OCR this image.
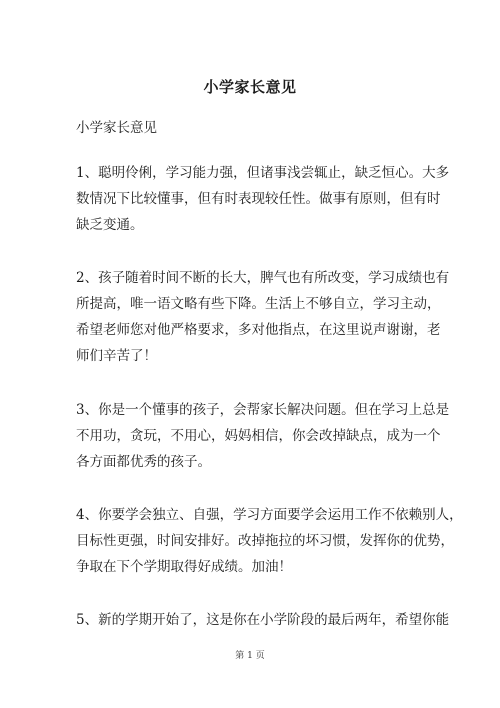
小学家长意见
小学家长意见
1、聪明伶俐，学习能力强，但诸事浅尝辄止，缺乏恒心。大多
数情况下比较懂事，但有时表现较任性。做事有原则，但有时
缺乏变通。
2、孩子随着时间不断的长大，脾气也有所改变，学习成绩也有
所提高，唯一语文略有些下降。生活上不够自立，学习主动，
希望老师您对他严格要求，多对他指点，在这里说声谢谢，老
师们辛苦了！
3、你是一个懂事的孩子，会帮家长解决问题。但在学习上总是
不用功，贪玩，不用心，妈妈相信，你会改掉缺点，成为一个
各方面都优秀的孩子。
4、你要学会独立、自强，学习方面要学会运用工作不依赖别人，
目标性更强，时间安排好。改掉拖拉的坏习惯，发挥你的优势，
争取在下个学期取得好成绩。加油！
5、新的学期开始了，这是你在小学阶段的最后两年，希望你能
第 1 页
